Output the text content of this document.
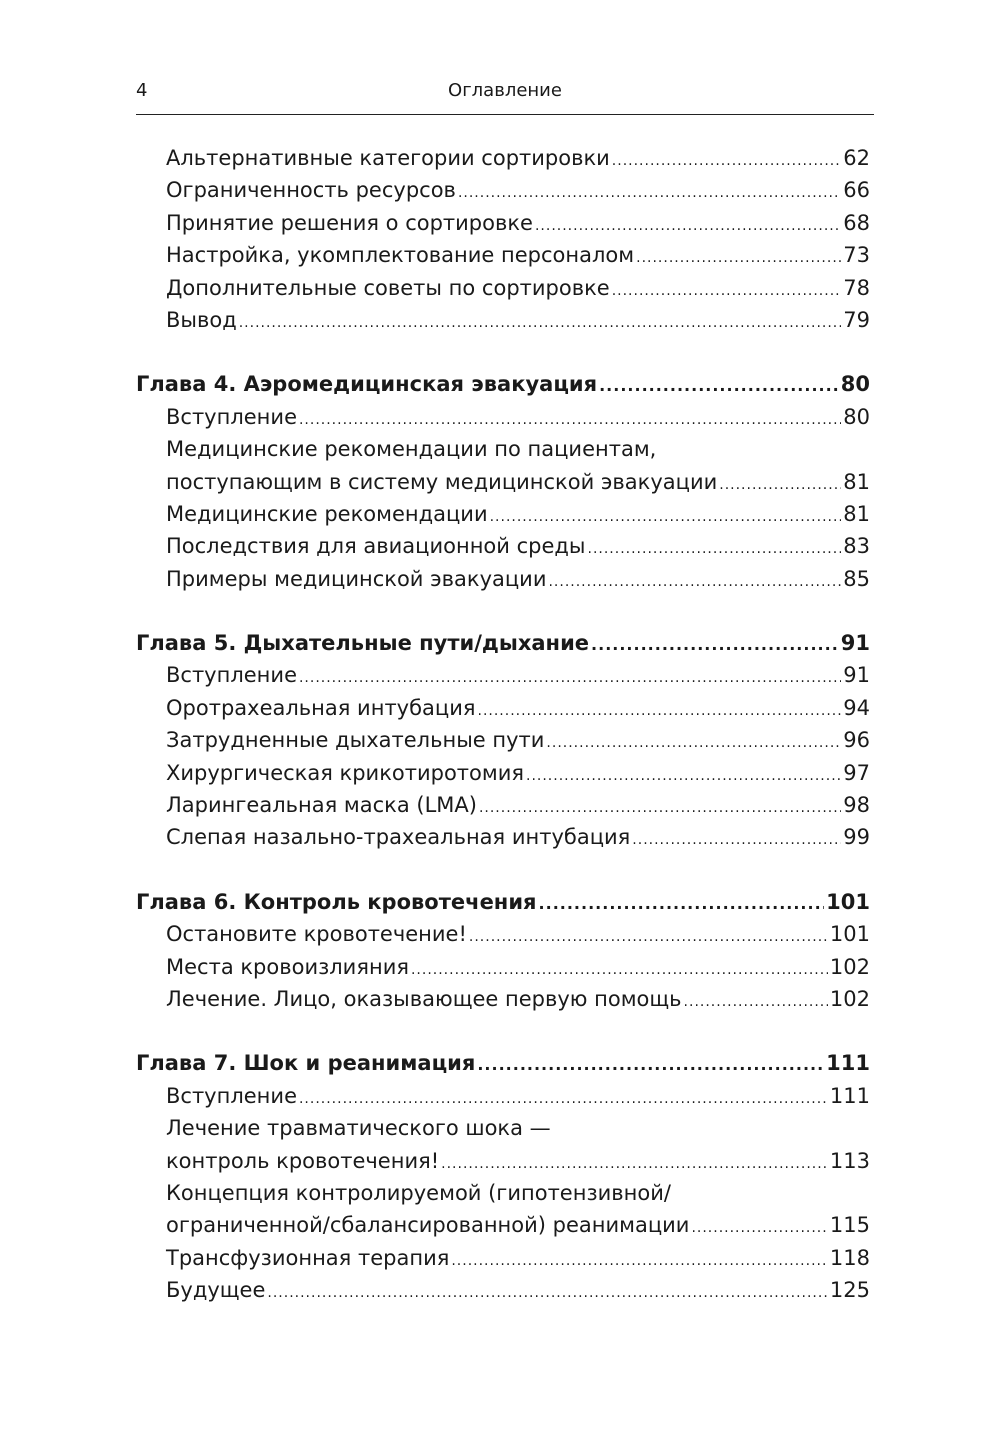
4	Оглавление
Альтернативные категории сортировки .....	62
Ограниченность ресурсов .....	66
Принятие решения о сортировке .....	68
Настройка, укомплектование персоналом .....	73
Дополнительные советы по сортировке .....	78
Вывод .....	79
Глава 4. Аэромедицинская эвакуация .....	80
Вступление .....	80
Медицинские рекомендации по пациентам,
поступающим в систему медицинской эвакуации .....	81
Медицинские рекомендации .....	81
Последствия для авиационной среды .....	83
Примеры медицинской эвакуации .....	85
Глава 5. Дыхательные пути/дыхание .....	91
Вступление .....	91
Оротрахеальная интубация .....	94
Затрудненные дыхательные пути .....	96
Хирургическая крикотиротомия .....	97
Ларингеальная маска (LMA) .....	98
Слепая назально-трахеальная интубация .....	99
Глава 6. Контроль кровотечения .....	101
Остановите кровотечение! .....	101
Места кровоизлияния .....	102
Лечение. Лицо, оказывающее первую помощь .....	102
Глава 7. Шок и реанимация .....	111
Вступление .....	111
Лечение травматического шока —
контроль кровотечения! .....	113
Концепция контролируемой (гипотензивной/
ограниченной/сбалансированной) реанимации .....	115
Трансфузионная терапия .....	118
Будущее .....	125
